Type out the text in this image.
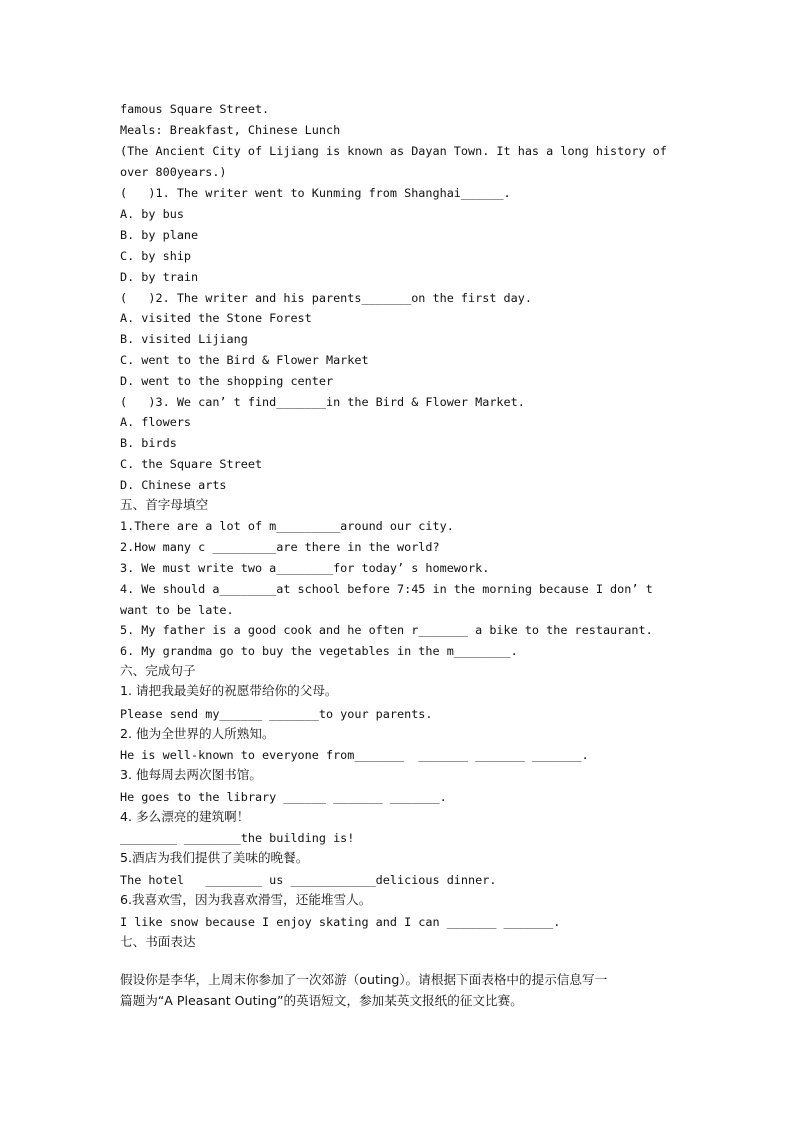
famous Square Street.
Meals: Breakfast, Chinese Lunch
(The Ancient City of Lijiang is known as Dayan Town. It has a long history of
over 800years.)
(   )1. The writer went to Kunming from Shanghai______.
A. by bus
B. by plane
C. by ship
D. by train
(   )2. The writer and his parents_______on the first day.
A. visited the Stone Forest
B. visited Lijiang
C. went to the Bird & Flower Market
D. went to the shopping center
(   )3. We can’ t find_______in the Bird & Flower Market.
A. flowers
B. birds
C. the Square Street
D. Chinese arts
五、首字母填空
1.There are a lot of m_________around our city.
2.How many c _________are there in the world?
3. We must write two a________for today’ s homework.
4. We should a________at school before 7:45 in the morning because I don’ t
want to be late.
5. My father is a good cook and he often r_______ a bike to the restaurant.
6. My grandma go to buy the vegetables in the m________.
六、完成句子
1. 请把我最美好的祝愿带给你的父母。
Please send my______ _______to your parents.
2. 他为全世界的人所熟知。
He is well-known to everyone from_______  _______ _______ _______.
3. 他每周去两次图书馆。
He goes to the library ______ _______ _______.
4. 多么漂亮的建筑啊！
________ ________the building is!
5.酒店为我们提供了美味的晚餐。
The hotel   ________ us ____________delicious dinner.
6.我喜欢雪，因为我喜欢滑雪，还能堆雪人。
I like snow because I enjoy skating and I can _______ _______.
七、书面表达
假设你是李华，上周末你参加了一次郊游（outing）。请根据下面表格中的提示信息写一
篇题为“A Pleasant Outing”的英语短文，参加某英文报纸的征文比赛。
